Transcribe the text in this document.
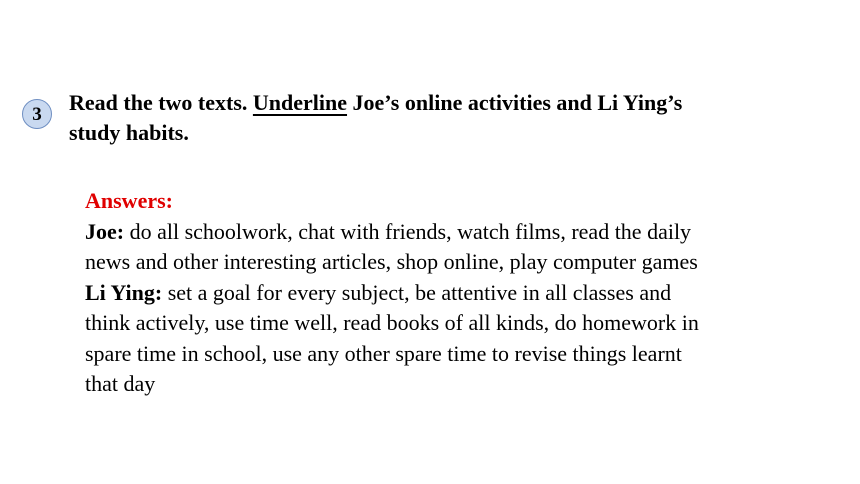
3	Read the two texts. Underline Joe’s online activities and Li Ying’s
study habits.
Answers:
Joe: do all schoolwork, chat with friends, watch films, read the daily
news and other interesting articles, shop online, play computer games
Li Ying: set a goal for every subject, be attentive in all classes and
think actively, use time well, read books of all kinds, do homework in
spare time in school, use any other spare time to revise things learnt
that day
